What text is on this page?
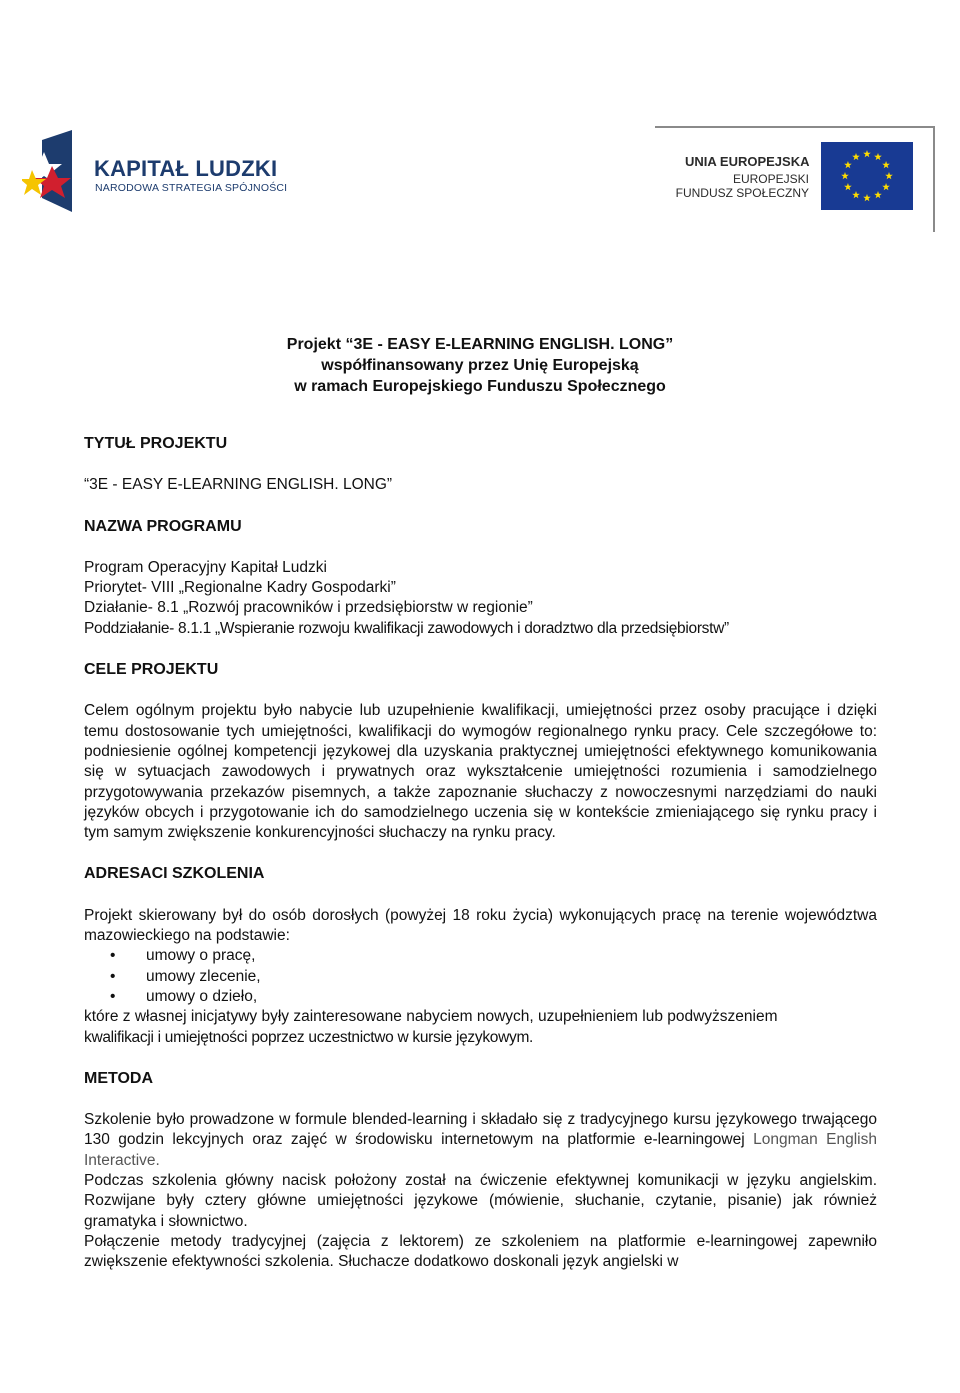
KAPITAŁ LUDZKI
NARODOWA STRATEGIA SPÓJNOŚCI
UNIA EUROPEJSKA
EUROPEJSKI
FUNDUSZ SPOŁECZNY
Projekt “3E - EASY E-LEARNING ENGLISH. LONG”
współfinansowany przez Unię Europejską
w ramach Europejskiego Funduszu Społecznego

TYTUŁ PROJEKTU

“3E - EASY E-LEARNING ENGLISH. LONG”

NAZWA PROGRAMU

Program Operacyjny Kapitał Ludzki

Priorytet- VIII „Regionalne Kadry Gospodarki”

Działanie- 8.1 „Rozwój pracowników i przedsiębiorstw w regionie”

Poddziałanie- 8.1.1 „Wspieranie rozwoju kwalifikacji zawodowych i doradztwo dla przedsiębiorstw”

CELE PROJEKTU

Celem ogólnym projektu było nabycie lub uzupełnienie kwalifikacji, umiejętności przez osoby pracujące i dzięki temu dostosowanie tych umiejętności, kwalifikacji do wymogów regionalnego rynku pracy. Cele szczegółowe to: podniesienie ogólnej kompetencji językowej dla uzyskania praktycznej umiejętności efektywnego komunikowania się w sytuacjach zawodowych i prywatnych oraz wykształcenie umiejętności rozumienia i samodzielnego przygotowywania przekazów pisemnych, a także zapoznanie słuchaczy z nowoczesnymi narzędziami do nauki języków obcych i przygotowanie ich do samodzielnego uczenia się w kontekście zmieniającego się rynku pracy i tym samym zwiększenie konkurencyjności słuchaczy na rynku pracy.

ADRESACI SZKOLENIA

Projekt skierowany był do osób dorosłych (powyżej 18 roku życia) wykonujących pracę na terenie województwa mazowieckiego na podstawie:

• umowy o pracę,
• umowy zlecenie,
• umowy o dzieło,

które z własnej inicjatywy były zainteresowane nabyciem nowych, uzupełnieniem lub podwyższeniem

kwalifikacji i umiejętności poprzez uczestnictwo w kursie językowym.

METODA

Szkolenie było prowadzone w formule blended-learning i składało się z tradycyjnego kursu językowego trwającego 130 godzin lekcyjnych oraz zajęć w środowisku internetowym na platformie e-learningowej Longman English Interactive.

Podczas szkolenia główny nacisk położony został na ćwiczenie efektywnej komunikacji w języku angielskim. Rozwijane były cztery główne umiejętności językowe (mówienie, słuchanie, czytanie, pisanie) jak również gramatyka i słownictwo.

Połączenie metody tradycyjnej (zajęcia z lektorem) ze szkoleniem na platformie e-learningowej zapewniło zwiększenie efektywności szkolenia. Słuchacze dodatkowo doskonali język angielski w
